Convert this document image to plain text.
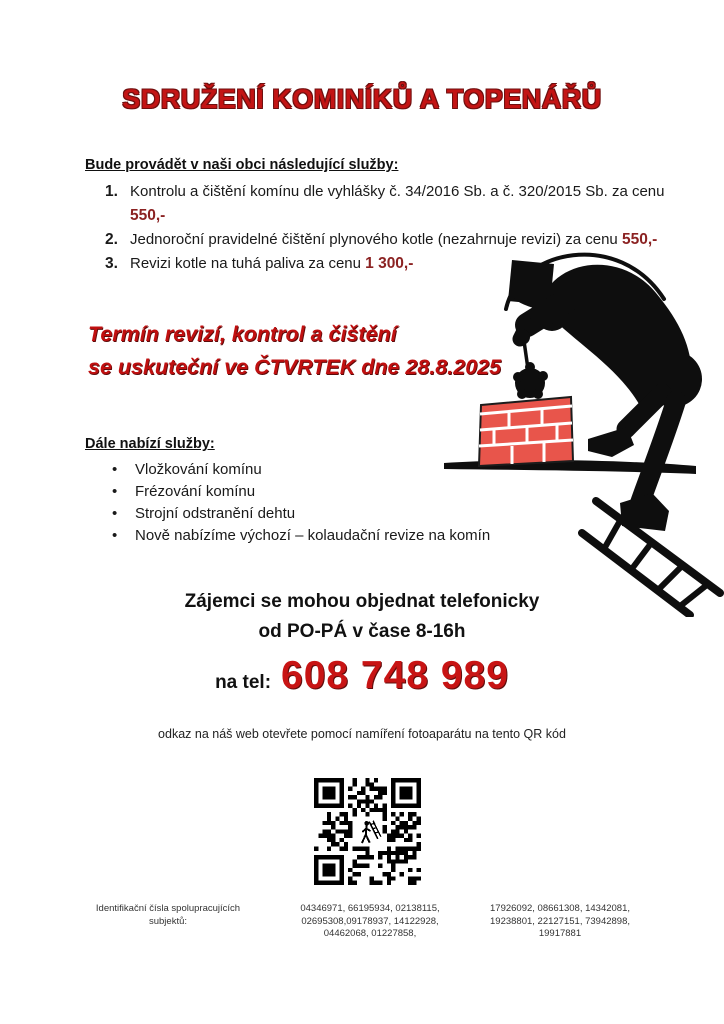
SDRUŽENÍ KOMINÍKŮ A TOPENÁŘŮ
Bude provádět v naši obci následující služby:
1. Kontrolu a čištění komínu dle vyhlášky č. 34/2016 Sb. a č. 320/2015 Sb. za cenu 550,-
2. Jednoroční pravidelné čištění plynového kotle (nezahrnuje revizi) za cenu 550,-
3. Revizi kotle na tuhá paliva za cenu 1 300,-
Termín revizí, kontrol a čištění
se uskuteční ve ČTVRTEK dne 28.8.2025
Dále nabízí služby:
• Vložkování komínu
• Frézování komínu
• Strojní odstranění dehtu
• Nově nabízíme výchozí – kolaudační revize na komín
Zájemci se mohou objednat telefonicky
od PO-PÁ v čase 8-16h
na tel: 608 748 989
odkaz na náš web otevřete pomocí namíření fotoaparátu na tento QR kód
Identifikační čísla spolupracujících
subjektů:
04346971, 66195934, 02138115,
02695308,09178937, 14122928,
04462068, 01227858,
17926092, 08661308, 14342081,
19238801, 22127151, 73942898,
19917881
